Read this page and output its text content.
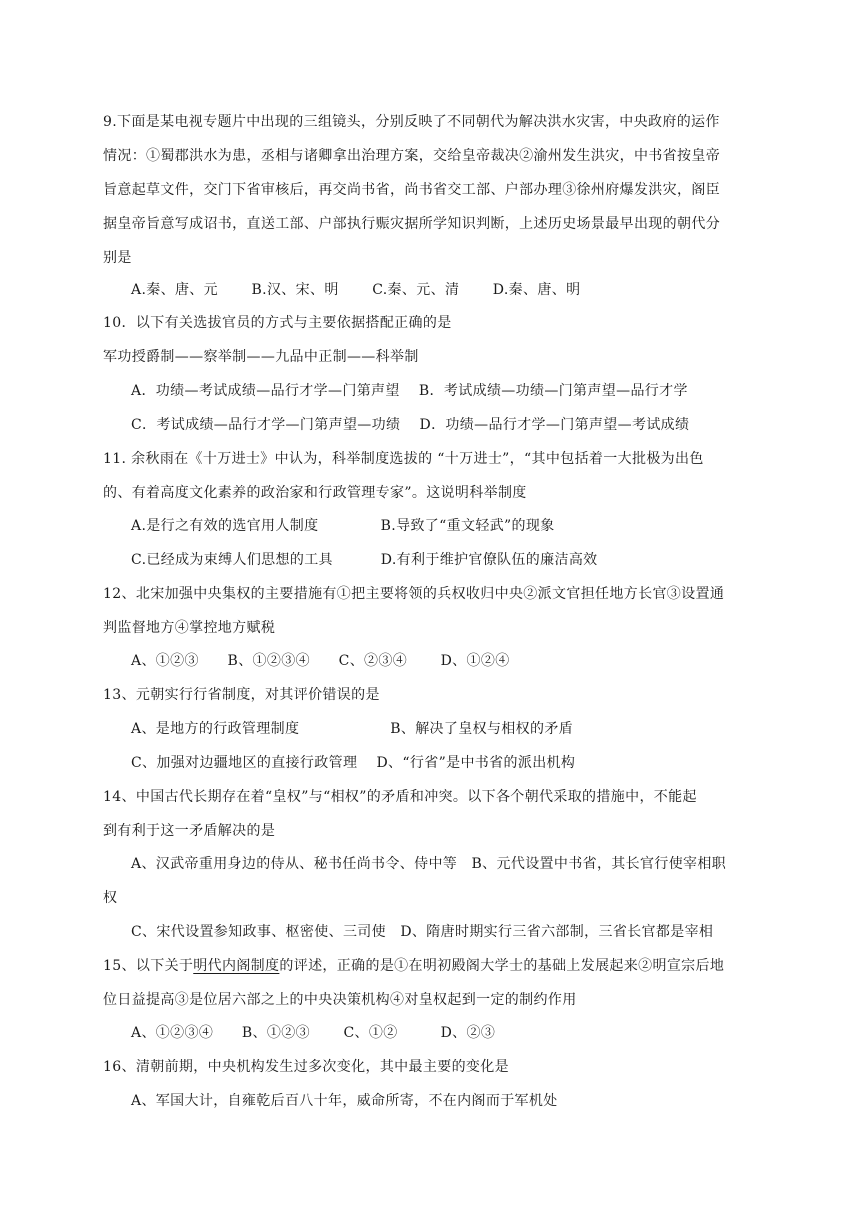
9.下面是某电视专题片中出现的三组镜头，分别反映了不同朝代为解决洪水灾害，中央政府的运作
情况：①蜀郡洪水为患，丞相与诸卿拿出治理方案，交给皇帝裁决②渝州发生洪灾，中书省按皇帝
旨意起草文件，交门下省审核后，再交尚书省，尚书省交工部、户部办理③徐州府爆发洪灾，阁臣
据皇帝旨意写成诏书，直送工部、户部执行赈灾据所学知识判断，上述历史场景最早出现的朝代分
别是
A.秦、唐、元　　 B.汉、宋、明　　 C.秦、元、清　　 D.秦、唐、明
10．以下有关选拔官员的方式与主要依据搭配正确的是
军功授爵制——察举制——九品中正制——科举制
A．功绩—考试成绩—品行才学—门第声望　 B．考试成绩—功绩—门第声望—品行才学
C．考试成绩—品行才学—门第声望—功绩　 D．功绩—品行才学—门第声望—考试成绩
11. 余秋雨在《十万进士》中认为，科举制度选拔的 “十万进士”，“其中包括着一大批极为出色
的、有着高度文化素养的政治家和行政管理专家”。这说明科举制度
A.是行之有效的选官用人制度　　　　 B.导致了“重文轻武”的现象
C.已经成为束缚人们思想的工具　　　 D.有利于维护官僚队伍的廉洁高效
12、北宋加强中央集权的主要措施有①把主要将领的兵权收归中央②派文官担任地方长官③设置通
判监督地方④掌控地方赋税
A、①②③　　B、①②③④　　C、②③④　　 D、①②④
13、元朝实行行省制度，对其评价错误的是
A、是地方的行政管理制度　　　　　　 B、解决了皇权与相权的矛盾
C、加强对边疆地区的直接行政管理　 D、“行省”是中书省的派出机构
14、中国古代长期存在着“皇权”与“相权”的矛盾和冲突。以下各个朝代采取的措施中，不能起
到有利于这一矛盾解决的是
A、汉武帝重用身边的侍从、秘书任尚书令、侍中等　B、元代设置中书省，其长官行使宰相职
权
C、宋代设置参知政事、枢密使、三司使　D、隋唐时期实行三省六部制，三省长官都是宰相
15、以下关于明代内阁制度的评述，正确的是①在明初殿阁大学士的基础上发展起来②明宣宗后地
位日益提高③是位居六部之上的中央决策机构④对皇权起到一定的制约作用
A、①②③④　　B、①②③　　 C、①②　　　D、②③
16、清朝前期，中央机构发生过多次变化，其中最主要的变化是
A、军国大计，自雍乾后百八十年，威命所寄，不在内阁而于军机处
